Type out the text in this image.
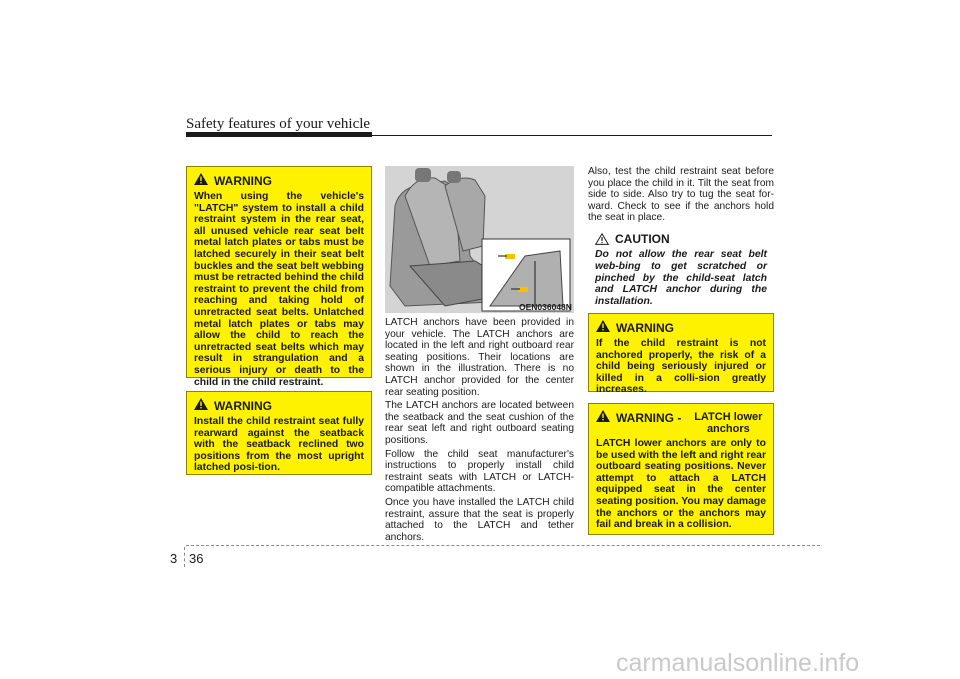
Safety features of your vehicle
WARNING
When using the vehicle's "LATCH" system to install a child restraint system in the rear seat, all unused vehicle rear seat belt metal latch plates or tabs must be latched securely in their seat belt buckles and the seat belt webbing must be retracted behind the child restraint to prevent the child from reaching and taking hold of unretracted seat belts. Unlatched metal latch plates or tabs may allow the child to reach the unretracted seat belts which may result in strangulation and a serious injury or death to the child in the child restraint.
WARNING
Install the child restraint seat fully rearward against the seatback with the seatback reclined two positions from the most upright latched posi-tion.
OEN036048N

LATCH anchors have been provided in your vehicle. The LATCH anchors are located in the left and right outboard rear seating positions. Their locations are shown in the illustration. There is no LATCH anchor provided for the center rear seating position.

The LATCH anchors are located between the seatback and the seat cushion of the rear seat left and right outboard seating positions.

Follow the child seat manufacturer's instructions to properly install child restraint seats with LATCH or LATCH-compatible attachments.

Once you have installed the LATCH child restraint, assure that the seat is properly attached to the LATCH and tether anchors.

Also, test the child restraint seat before you place the child in it. Tilt the seat from side to side. Also try to tug the seat for-ward. Check to see if the anchors hold the seat in place.

CAUTION
Do not allow the rear seat belt web-bing to get scratched or pinched by the child-seat latch and LATCH anchor during the installation.
WARNING
If the child restraint is not anchored properly, the risk of a child being seriously injured or killed in a colli-sion greatly increases.
WARNING - LATCH lower anchors
LATCH lower anchors are only to be used with the left and right rear outboard seating positions. Never attempt to attach a LATCH equipped seat in the center seating position. You may damage the anchors or the anchors may fail and break in a collision.
3 36
carmanualsonline.info
